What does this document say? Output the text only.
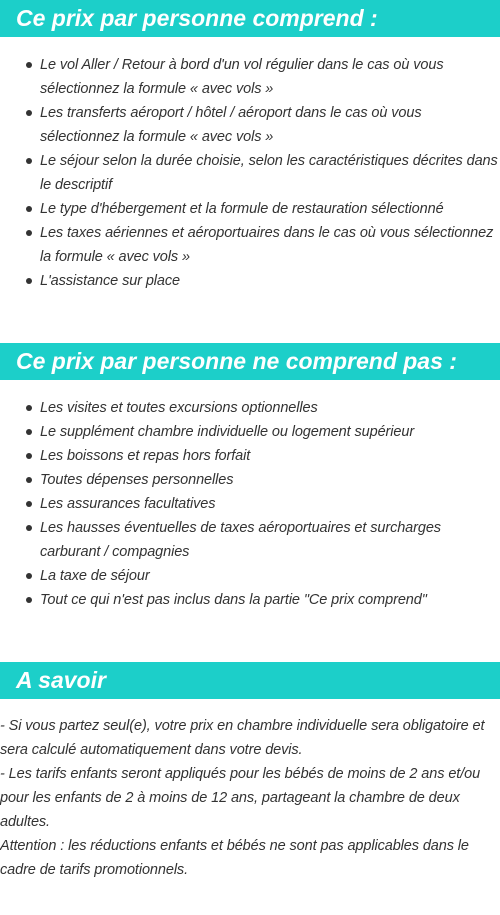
Ce prix par personne comprend :
Le vol Aller / Retour à bord d'un vol régulier dans le cas où vous sélectionnez la formule « avec vols »
Les transferts aéroport / hôtel / aéroport dans le cas où vous sélectionnez la formule « avec vols »
Le séjour selon la durée choisie, selon les caractéristiques décrites dans le descriptif
Le type d'hébergement et la formule de restauration sélectionné
Les taxes aériennes et aéroportuaires dans le cas où vous sélectionnez la formule « avec vols »
L'assistance sur place
Ce prix par personne ne comprend pas :
Les visites et toutes excursions optionnelles
Le supplément chambre individuelle ou logement supérieur
Les boissons et repas hors forfait
Toutes dépenses personnelles
Les assurances facultatives
Les hausses éventuelles de taxes aéroportuaires et surcharges carburant / compagnies
La taxe de séjour
Tout ce qui n'est pas inclus dans la partie "Ce prix comprend"
A savoir

- Si vous partez seul(e), votre prix en chambre individuelle sera obligatoire et sera calculé automatiquement dans votre devis.

- Les tarifs enfants seront appliqués pour les bébés de moins de 2 ans et/ou pour les enfants de 2 à moins de 12 ans, partageant la chambre de deux adultes.

Attention : les réductions enfants et bébés ne sont pas applicables dans le cadre de tarifs promotionnels.
